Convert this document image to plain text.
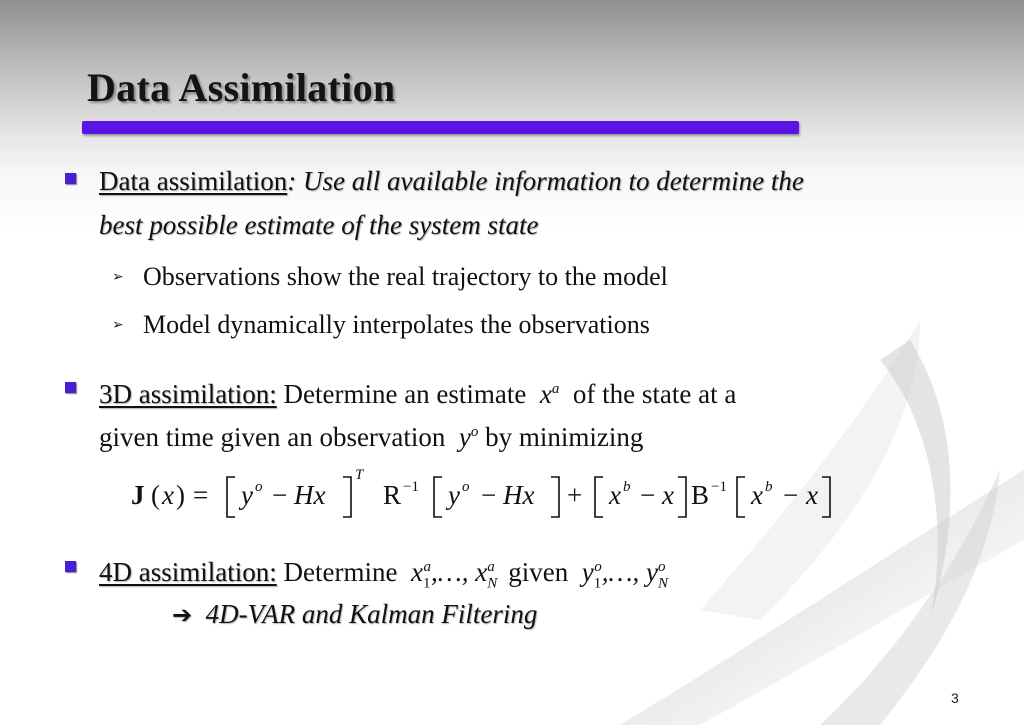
Data Assimilation
Data assimilation: Use all available information to determine the
best possible estimate of the system state
➢ Observations show the real trajectory to the model
➢ Model dynamically interpolates the observations
3D assimilation: Determine an estimate $x^a$ of the state at a
given time given an observation $y^o$ by minimizing
J ( x ) = y o − Hx
T
R −1 y o − Hx + x b − x B −1 x b − x
4D assimilation: Determine $x_1^a,\dots$, $x_N^a$ given $y_1^o,\dots$, $y_N^o$
➔ 4D-VAR and Kalman Filtering
3
